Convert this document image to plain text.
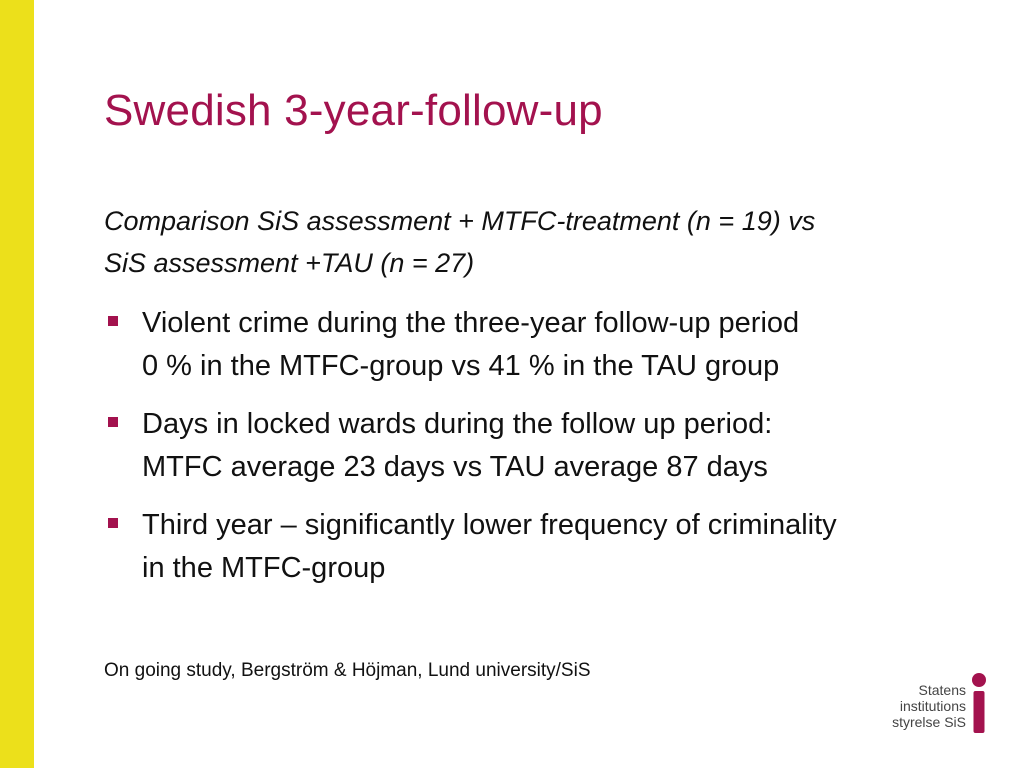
Swedish 3-year-follow-up
Comparison SiS assessment + MTFC-treatment (n = 19) vs
SiS assessment +TAU (n = 27)
Violent crime during the three-year follow-up period
0 % in the MTFC-group vs 41 % in the TAU group
Days in locked wards during the follow up period:
MTFC average 23 days vs TAU average 87 days
Third year – significantly lower frequency of criminality
in the MTFC-group
On going study, Bergström & Höjman, Lund university/SiS
Statens
institutions
styrelse SiS
